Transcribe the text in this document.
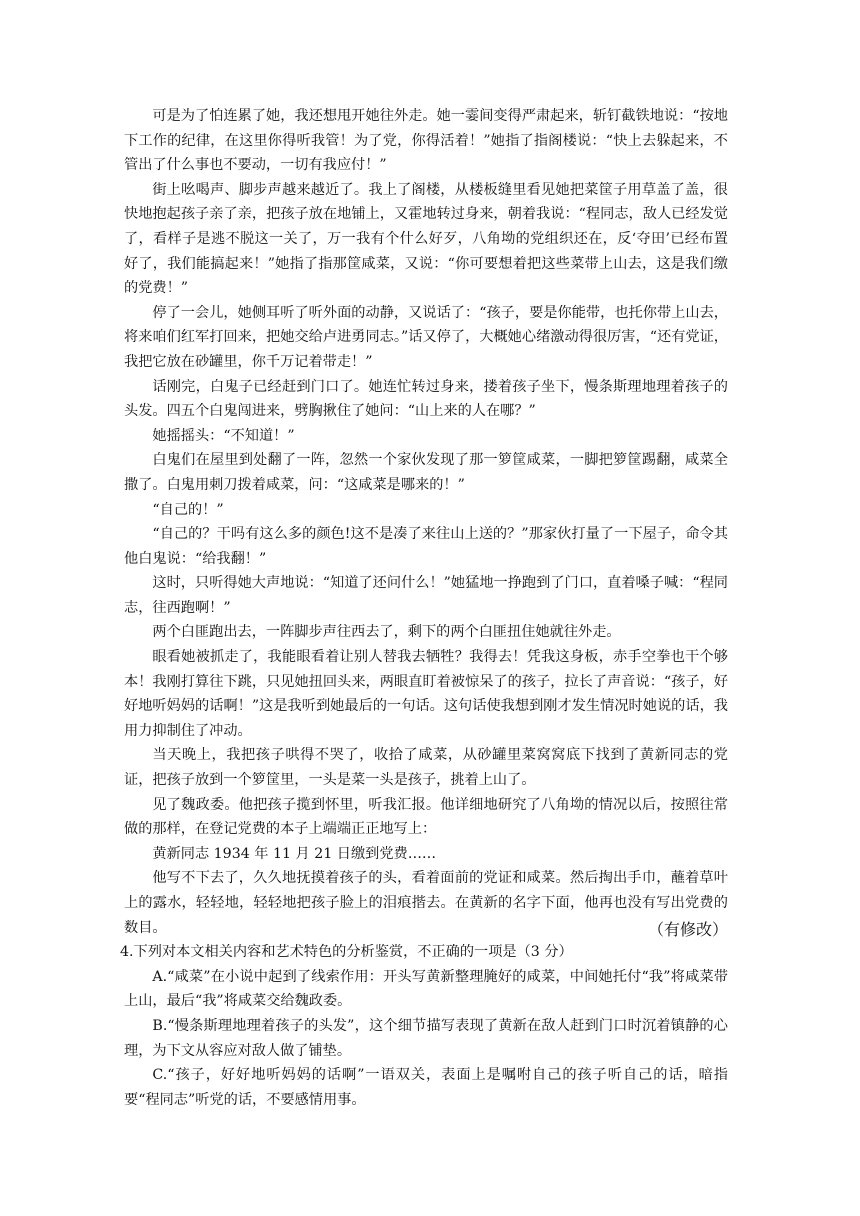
可是为了怕连累了她，我还想甩开她往外走。她一霎间变得严肃起来，斩钉截铁地说：“按地下工作的纪律，在这里你得听我管！为了党，你得活着！”她指了指阁楼说：“快上去躲起来，不管出了什么事也不要动，一切有我应付！”

街上吆喝声、脚步声越来越近了。我上了阁楼，从楼板缝里看见她把菜筐子用草盖了盖，很快地抱起孩子亲了亲，把孩子放在地铺上，又霍地转过身来，朝着我说：“程同志，敌人已经发觉了，看样子是逃不脱这一关了，万一我有个什么好歹，八角坳的党组织还在，反‘夺田’已经布置好了，我们能搞起来！”她指了指那筐咸菜，又说：“你可要想着把这些菜带上山去，这是我们缴的党费！”

停了一会儿，她侧耳听了听外面的动静，又说话了：“孩子，要是你能带，也托你带上山去，将来咱们红军打回来，把她交给卢进勇同志。”话又停了，大概她心绪激动得很厉害，“还有党证，我把它放在砂罐里，你千万记着带走！”

话刚完，白鬼子已经赶到门口了。她连忙转过身来，搂着孩子坐下，慢条斯理地理着孩子的头发。四五个白鬼闯进来，劈胸揪住了她问：“山上来的人在哪？”

她摇摇头：“不知道！”

白鬼们在屋里到处翻了一阵，忽然一个家伙发现了那一箩筐咸菜，一脚把箩筐踢翻，咸菜全撒了。白鬼用刺刀拨着咸菜，问：“这咸菜是哪来的！”

“自己的！”

“自己的？干吗有这么多的颜色!这不是凑了来往山上送的？”那家伙打量了一下屋子，命令其他白鬼说：“给我翻！”

这时，只听得她大声地说：“知道了还问什么！”她猛地一挣跑到了门口，直着嗓子喊：“程同志，往西跑啊！”

两个白匪跑出去，一阵脚步声往西去了，剩下的两个白匪扭住她就往外走。

眼看她被抓走了，我能眼看着让别人替我去牺牲？我得去！凭我这身板，赤手空拳也干个够本！我刚打算往下跳，只见她扭回头来，两眼直盯着被惊呆了的孩子，拉长了声音说：“孩子，好好地听妈妈的话啊！”这是我听到她最后的一句话。这句话使我想到刚才发生情况时她说的话，我用力抑制住了冲动。

当天晚上，我把孩子哄得不哭了，收拾了咸菜，从砂罐里菜窝窝底下找到了黄新同志的党证，把孩子放到一个箩筐里，一头是菜一头是孩子，挑着上山了。

见了魏政委。他把孩子揽到怀里，听我汇报。他详细地研究了八角坳的情况以后，按照往常做的那样，在登记党费的本子上端端正正地写上：

黄新同志 1934 年 11 月 21 日缴到党费……

他写不下去了，久久地抚摸着孩子的头，看着面前的党证和咸菜。然后掏出手巾，蘸着草叶上的露水，轻轻地，轻轻地把孩子脸上的泪痕揩去。在黄新的名字下面，他再也没有写出党费的数目。	（有修改）

4.下列对本文相关内容和艺术特色的分析鉴赏，不正确的一项是（3 分）

A.“咸菜”在小说中起到了线索作用：开头写黄新整理腌好的咸菜，中间她托付“我”将咸菜带上山，最后“我”将咸菜交给魏政委。

B.“慢条斯理地理着孩子的头发”，这个细节描写表现了黄新在敌人赶到门口时沉着镇静的心理，为下文从容应对敌人做了铺垫。

C.“孩子，好好地听妈妈的话啊”一语双关，表面上是嘱咐自己的孩子听自己的话，暗指要“程同志”听党的话，不要感情用事。
